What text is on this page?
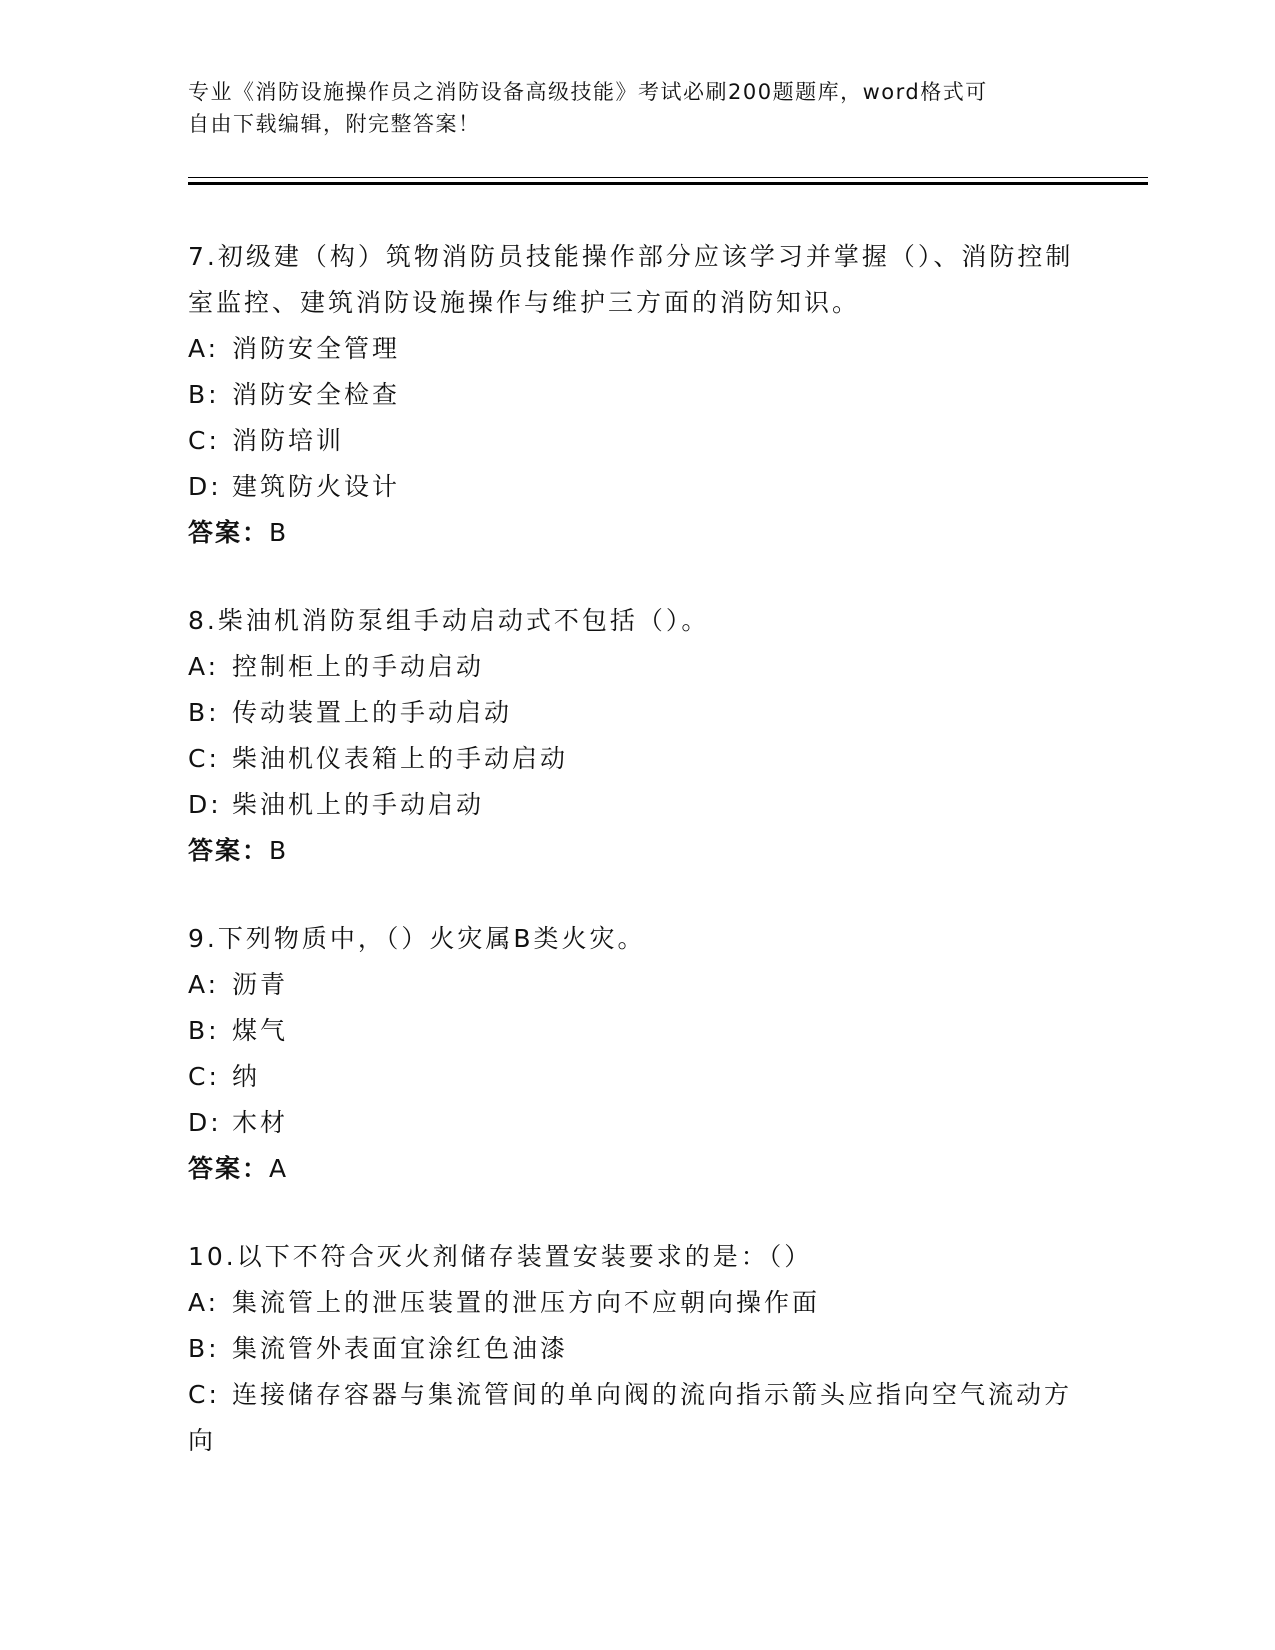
专业《消防设施操作员之消防设备高级技能》考试必刷200题题库，word格式可
自由下载编辑，附完整答案！

7.初级建（构）筑物消防员技能操作部分应该学习并掌握（）、消防控制室监控、建筑消防设施操作与维护三方面的消防知识。

A: 消防安全管理

B: 消防安全检查

C: 消防培训

D: 建筑防火设计

答案：B

8.柴油机消防泵组手动启动式不包括（）。

A: 控制柜上的手动启动

B: 传动装置上的手动启动

C: 柴油机仪表箱上的手动启动

D: 柴油机上的手动启动

答案：B

9.下列物质中，（）火灾属B类火灾。

A: 沥青

B: 煤气

C: 纳

D: 木材

答案：A

10.以下不符合灭火剂储存装置安装要求的是：（）

A: 集流管上的泄压装置的泄压方向不应朝向操作面

B: 集流管外表面宜涂红色油漆

C: 连接储存容器与集流管间的单向阀的流向指示箭头应指向空气流动方向
